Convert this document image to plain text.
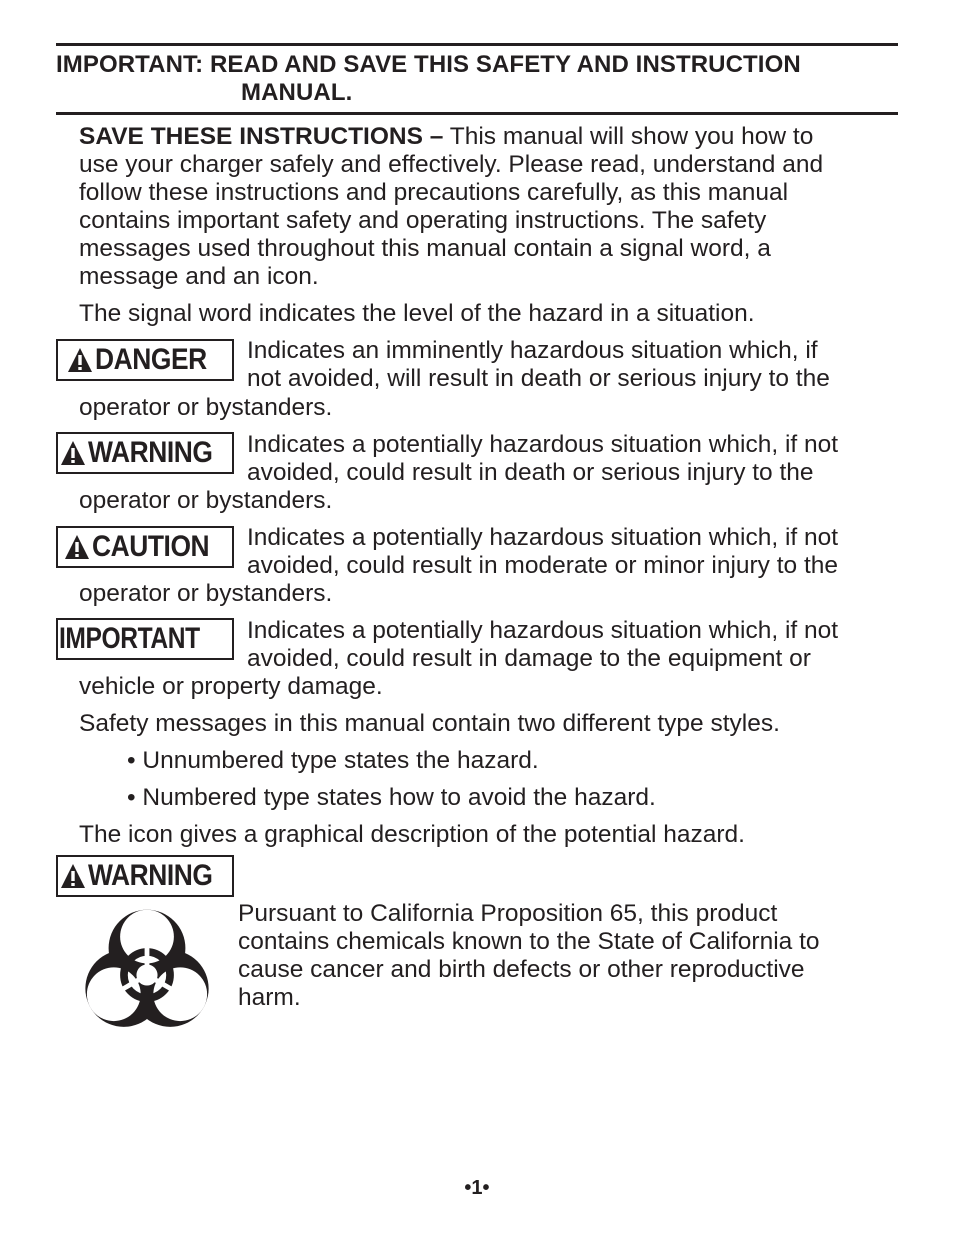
IMPORTANT: READ AND SAVE THIS SAFETY AND INSTRUCTION
MANUAL.
SAVE THESE INSTRUCTIONS – This manual will show you how to
use your charger safely and effectively. Please read, understand and
follow these instructions and precautions carefully, as this manual
contains important safety and operating instructions. The safety
messages used throughout this manual contain a signal word, a
message and an icon.
The signal word indicates the level of the hazard in a situation.
DANGER Indicates an imminently hazardous situation which, if
not avoided, will result in death or serious injury to the
operator or bystanders.
WARNING Indicates a potentially hazardous situation which, if not
avoided, could result in death or serious injury to the
operator or bystanders.
CAUTION Indicates a potentially hazardous situation which, if not
avoided, could result in moderate or minor injury to the
operator or bystanders.
IMPORTANT Indicates a potentially hazardous situation which, if not
avoided, could result in damage to the equipment or
vehicle or property damage.
Safety messages in this manual contain two different type styles.
• Unnumbered type states the hazard.
• Numbered type states how to avoid the hazard.
The icon gives a graphical description of the potential hazard.
WARNING
Pursuant to California Proposition 65, this product
contains chemicals known to the State of California to
cause cancer and birth defects or other reproductive
harm.
•1•
